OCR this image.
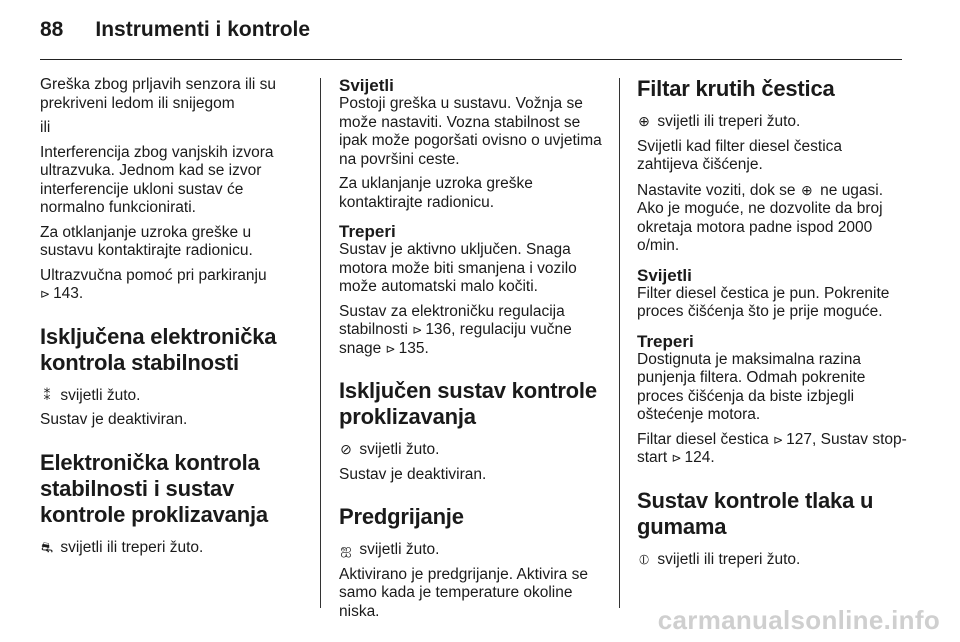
88 Instrumenti i kontrole

Greška zbog prljavih senzora ili su prekriveni ledom ili snijegom

ili

Interferencija zbog vanjskih izvora ultrazvuka. Jednom kad se izvor interferencije ukloni sustav će normalno funkcionirati.

Za otklanjanje uzroka greške u sustavu kontaktirajte radionicu.

Ultrazvučna pomoć pri parkiranju
⊳ 143.

Isključena elektronička kontrola stabilnosti

⁑ svijetli žuto.

Sustav je deaktiviran.

Elektronička kontrola stabilnosti i sustav kontrole proklizavanja

⛐ svijetli ili treperi žuto.

Svijetli

Postoji greška u sustavu. Vožnja se može nastaviti. Vozna stabilnost se ipak može pogoršati ovisno o uvjetima na površini ceste.

Za uklanjanje uzroka greške kontaktirajte radionicu.

Treperi

Sustav je aktivno uključen. Snaga motora može biti smanjena i vozilo može automatski malo kočiti.

Sustav za elektroničku regulacija stabilnosti ⊳ 136, regulaciju vučne snage ⊳ 135.

Isključen sustav kontrole proklizavanja

⊘ svijetli žuto.

Sustav je deaktiviran.

Predgrijanje

ஐ svijetli žuto.

Aktivirano je predgrijanje. Aktivira se samo kada je temperature okoline niska.

Filtar krutih čestica

⊕ svijetli ili treperi žuto.

Svijetli kad filter diesel čestica zahtijeva čišćenje.

Nastavite voziti, dok se ⊕ ne ugasi. Ako je moguće, ne dozvolite da broj okretaja motora padne ispod 2000 o/min.

Svijetli

Filter diesel čestica je pun. Pokrenite proces čišćenja što je prije moguće.

Treperi

Dostignuta je maksimalna razina punjenja filtera. Odmah pokrenite proces čišćenja da biste izbjegli oštećenje motora.

Filtar diesel čestica ⊳ 127, Sustav stop-start ⊳ 124.

Sustav kontrole tlaka u gumama

⦶ svijetli ili treperi žuto.

carmanualsonline.info
